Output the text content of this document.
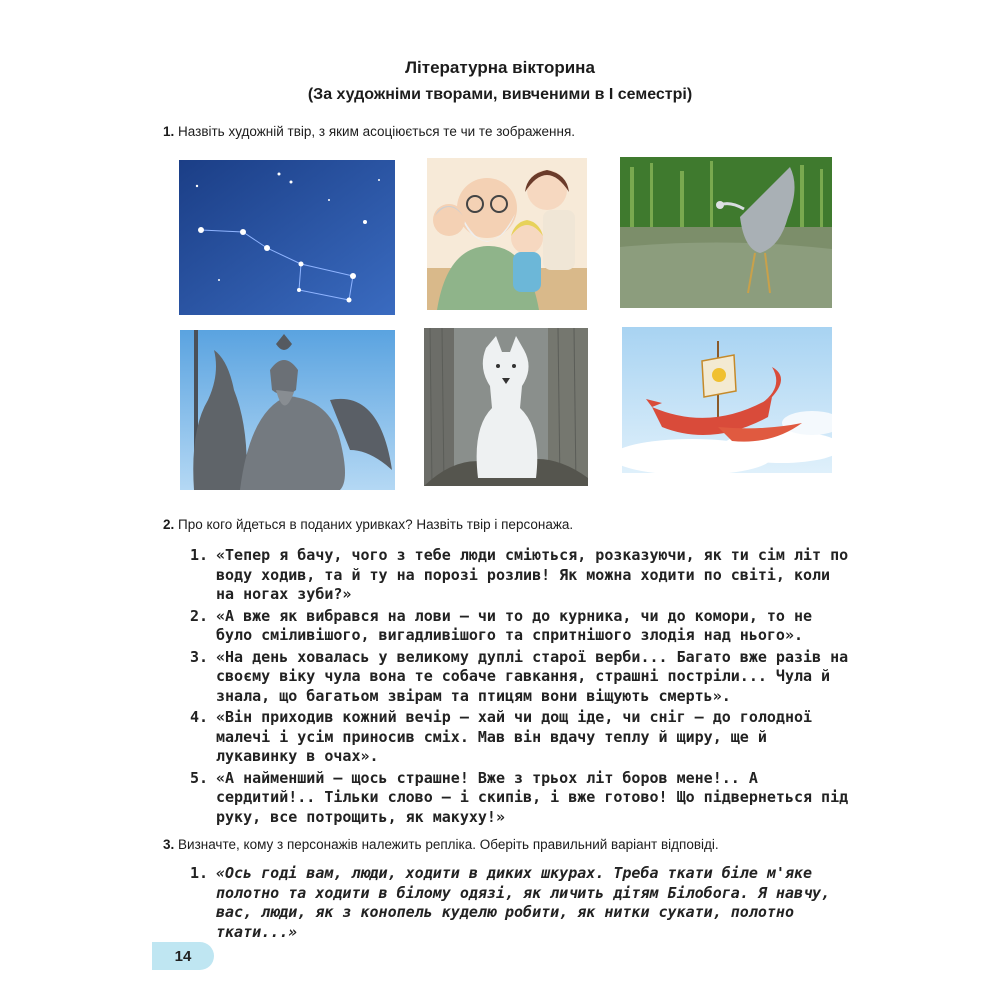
Літературна вікторина
(За художніми творами, вивченими в І семестрі)
1. Назвіть художній твір, з яким асоціюється те чи те зображення.
2. Про кого йдеться в поданих уривках? Назвіть твір і персонажа.
1. «Тепер я бачу, чого з тебе люди сміються, розказуючи, як ти сім літ по воду ходив, та й ту на порозі розлив! Як можна ходити по світі, коли на ногах зуби?»
2. «А вже як вибрався на лови – чи то до курника, чи до комори, то не було сміливішого, вигадливішого та спритнішого злодія над нього».
3. «На день ховалась у великому дуплі старої верби... Багато вже разів на своєму віку чула вона те собаче гавкання, страшні постріли... Чула й знала, що багатьом звірам та птицям вони віщують смерть».
4. «Він приходив кожний вечір – хай чи дощ іде, чи сніг – до голодної малечі і усім приносив сміх. Мав він вдачу теплу й щиру, ще й лукавинку в очах».
5. «А найменший – щось страшне! Вже з трьох літ боров мене!.. А сердитий!.. Тільки слово – і скипів, і вже готово! Що підвернеться під руку, все потрощить, як макуху!»
3. Визначте, кому з персонажів належить репліка. Оберіть правильний варіант відповіді.
1. «Ось годі вам, люди, ходити в диких шкурах. Треба ткати біле м'яке полотно та ходити в білому одязі, як личить дітям Білобога. Я навчу, вас, люди, як з конопель куделю робити, як нитки сукати, полотно ткати...»
14
